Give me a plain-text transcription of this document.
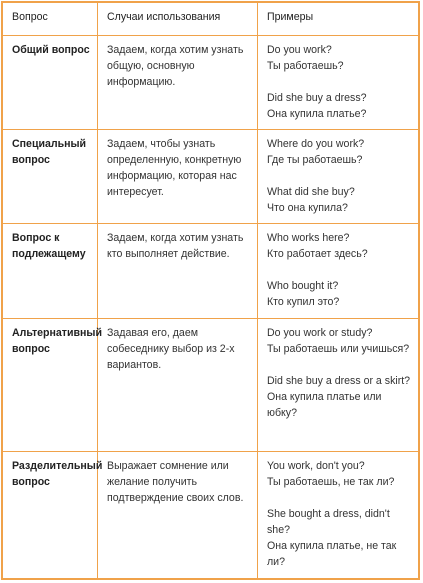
Вопрос	Случаи использования	Примеры
Общий вопрос	Задаем, когда хотим узнать общую, основную информацию.	Do you work?
Ты работаешь?
Did she buy a dress?
Она купила платье?

Специальный вопрос	Задаем, чтобы узнать определенную, конкретную информацию, которая нас интересует.	Where do you work?
Где ты работаешь?
What did she buy?
Что она купила?

Вопрос к подлежащему	Задаем, когда хотим узнать кто выполняет действие.	Who works here?
Кто работает здесь?
Who bought it?
Кто купил это?

Альтернативный вопрос	Задавая его, даем собеседнику выбор из 2-х вариантов.	Do you work or study?
Ты работаешь или учишься?
Did she buy a dress or a skirt?
Она купила платье или юбку?

Разделительный вопрос	Выражает сомнение или желание получить подтверждение своих слов.	You work, don't you?
Ты работаешь, не так ли?
She bought a dress, didn't she?
Она купила платье, не так ли?
